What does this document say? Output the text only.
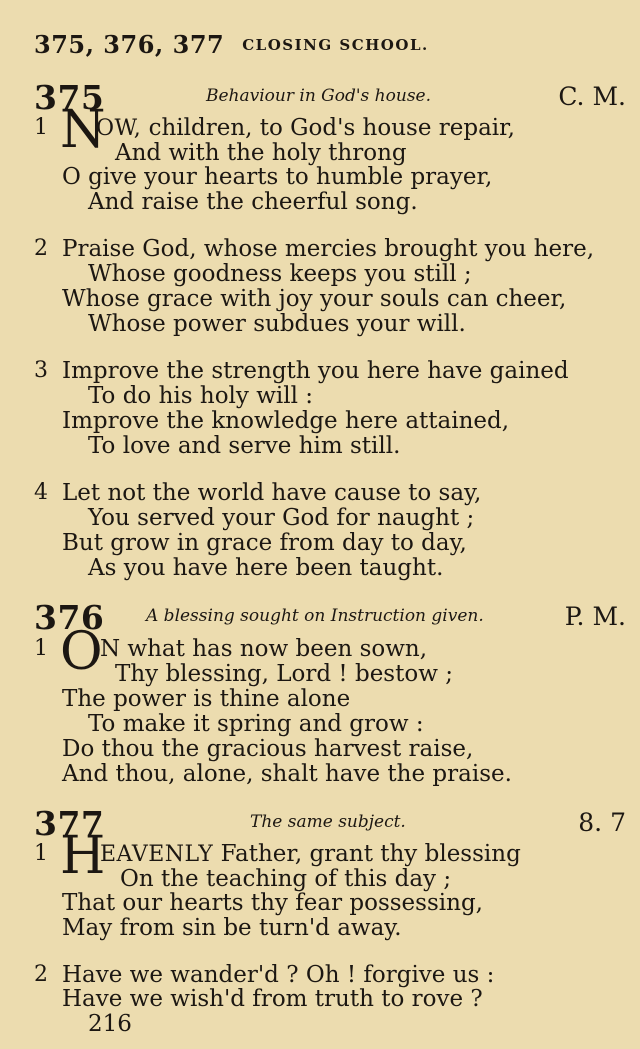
375, 376, 377 CLOSING SCHOOL.
375	Behaviour in God's house.	C. M.
1 N
OW, children, to God's house repair,
And with the holy throng
O give your hearts to humble prayer,
And raise the cheerful song.
2 Praise God, whose mercies brought you here,
Whose goodness keeps you still ;
Whose grace with joy your souls can cheer,
Whose power subdues your will.
3 Improve the strength you here have gained
To do his holy will :
Improve the knowledge here attained,
To love and serve him still.
4 Let not the world have cause to say,
You served your God for naught ;
But grow in grace from day to day,
As you have here been taught.
376 A blessing sought on Instruction given.	P. M.
1 O
N what has now been sown,
Thy blessing, Lord ! bestow ;
The power is thine alone
To make it spring and grow :
Do thou the gracious harvest raise,
And thou, alone, shalt have the praise.
377	The same subject.	8. 7
1 H
EAVENLY Father, grant thy blessing
On the teaching of this day ;
That our hearts thy fear possessing,
May from sin be turn'd away.
2 Have we wander'd ? Oh ! forgive us :
Have we wish'd from truth to rove ?
216
